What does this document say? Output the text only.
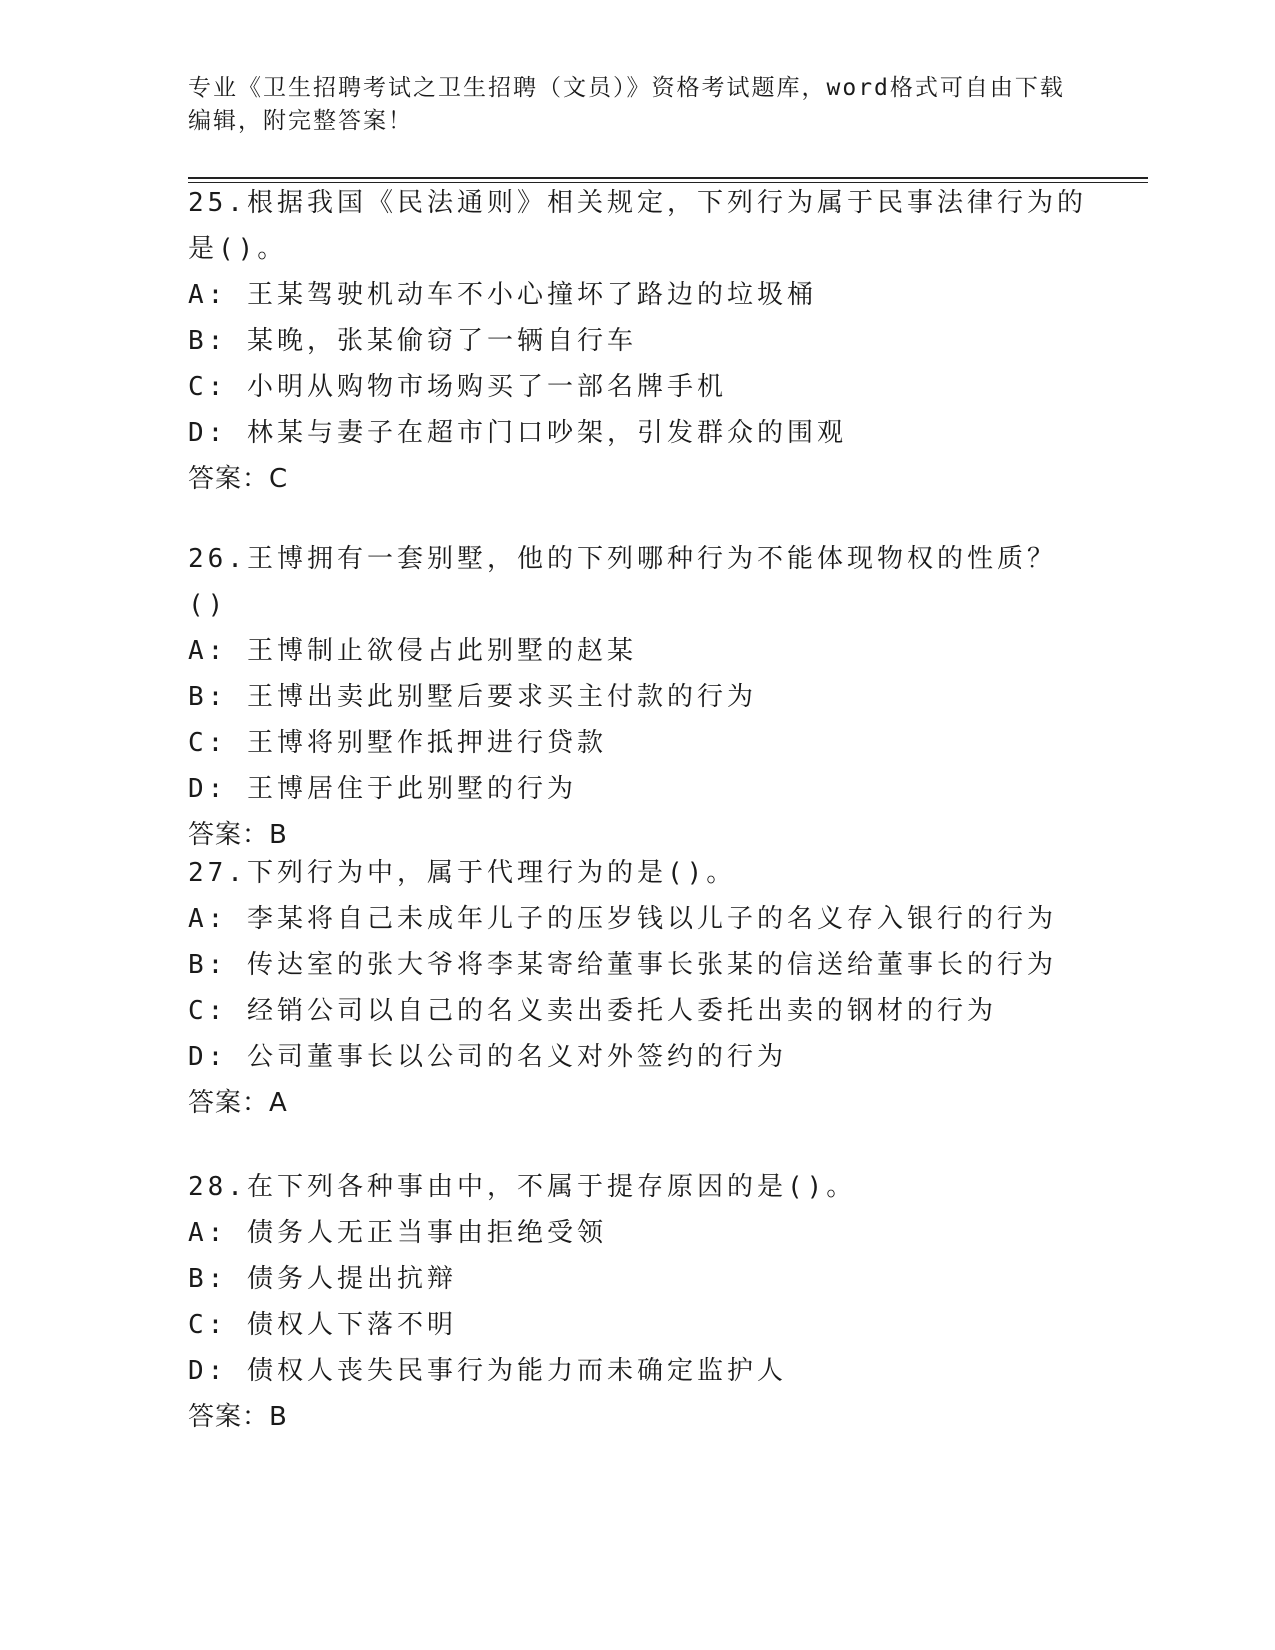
专业《卫生招聘考试之卫生招聘（文员）》资格考试题库，word格式可自由下载编辑，附完整答案！

25.根据我国《民法通则》相关规定，下列行为属于民事法律行为的是()。

A: 王某驾驶机动车不小心撞坏了路边的垃圾桶

B: 某晚，张某偷窃了一辆自行车

C: 小明从购物市场购买了一部名牌手机

D: 林某与妻子在超市门口吵架，引发群众的围观

答案：C

26.王博拥有一套别墅，他的下列哪种行为不能体现物权的性质？()

A: 王博制止欲侵占此别墅的赵某

B: 王博出卖此别墅后要求买主付款的行为

C: 王博将别墅作抵押进行贷款

D: 王博居住于此别墅的行为

答案：B

27.下列行为中，属于代理行为的是()。

A: 李某将自己未成年儿子的压岁钱以儿子的名义存入银行的行为

B: 传达室的张大爷将李某寄给董事长张某的信送给董事长的行为

C: 经销公司以自己的名义卖出委托人委托出卖的钢材的行为

D: 公司董事长以公司的名义对外签约的行为

答案：A

28.在下列各种事由中，不属于提存原因的是()。

A: 债务人无正当事由拒绝受领

B: 债务人提出抗辩

C: 债权人下落不明

D: 债权人丧失民事行为能力而未确定监护人

答案：B
